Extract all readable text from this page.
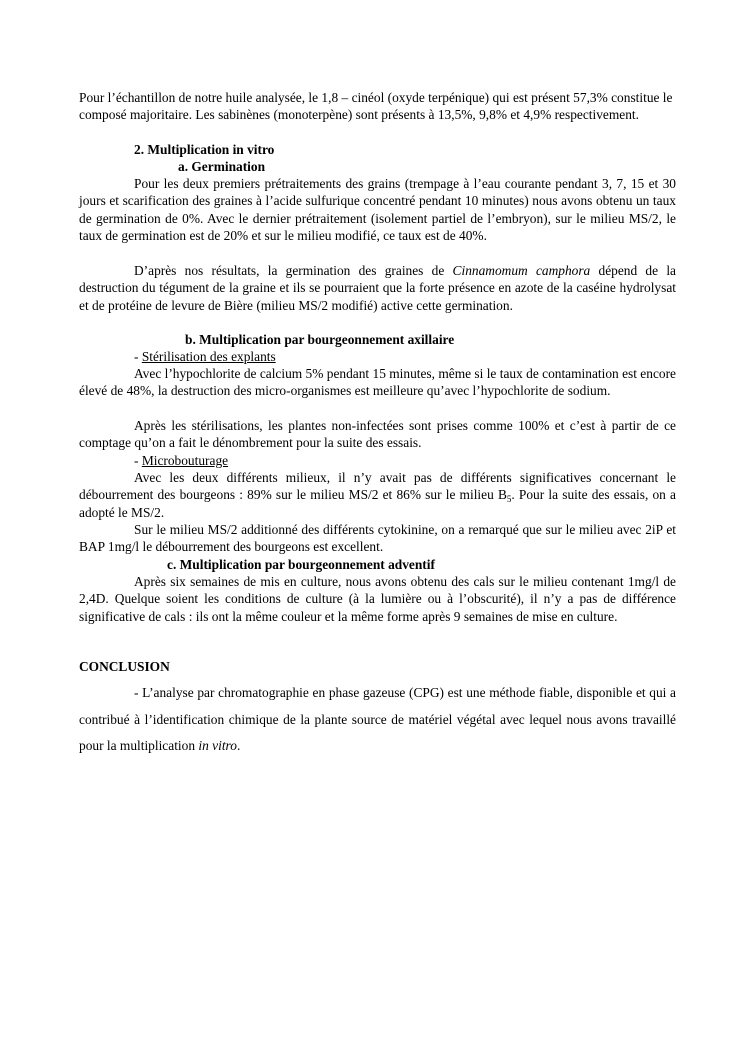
Pour l’échantillon de notre huile analysée, le 1,8 – cinéol (oxyde terpénique) qui est présent 57,3% constitue le composé majoritaire. Les sabinènes (monoterpène) sont présents à 13,5%, 9,8% et 4,9% respectivement.

2. Multiplication in vitro

a. Germination

Pour les deux premiers prétraitements des grains (trempage à l’eau courante pendant 3, 7, 15 et 30 jours et scarification des graines à l’acide sulfurique concentré pendant 10 minutes) nous avons obtenu un taux de germination de 0%. Avec le dernier prétraitement (isolement partiel de l’embryon), sur le milieu MS/2, le taux de germination est de 20% et sur le milieu modifié, ce taux est de 40%.

D’après nos résultats, la germination des graines de Cinnamomum camphora dépend de la destruction du tégument de la graine et ils se pourraient que la forte présence en azote de la caséine hydrolysat et de protéine de levure de Bière (milieu MS/2 modifié) active cette germination.

b. Multiplication par bourgeonnement axillaire

- Stérilisation des explants

Avec l’hypochlorite de calcium 5% pendant 15 minutes, même si le taux de contamination est encore élevé de 48%, la destruction des micro-organismes est meilleure qu’avec l’hypochlorite de sodium.

Après les stérilisations, les plantes non-infectées sont prises comme 100% et c’est à partir de ce comptage qu’on a fait le dénombrement pour la suite des essais.

- Microbouturage

Avec les deux différents milieux, il n’y avait pas de différents significatives concernant le débourrement des bourgeons : 89% sur le milieu MS/2 et 86% sur le milieu $B_5$. Pour la suite des essais, on a adopté le MS/2.

Sur le milieu MS/2 additionné des différents cytokinine, on a remarqué que sur le milieu avec 2iP et BAP 1mg/l le débourrement des bourgeons est excellent.

c. Multiplication par bourgeonnement adventif

Après six semaines de mis en culture, nous avons obtenu des cals sur le milieu contenant 1mg/l de 2,4D. Quelque soient les conditions de culture (à la lumière ou à l’obscurité), il n’y a pas de différence significative de cals : ils ont la même couleur et la même forme après 9 semaines de mise en culture.

CONCLUSION

- L’analyse par chromatographie en phase gazeuse (CPG) est une méthode fiable, disponible et qui a contribué à l’identification chimique de la plante source de matériel végétal avec lequel nous avons travaillé pour la multiplication in vitro.
